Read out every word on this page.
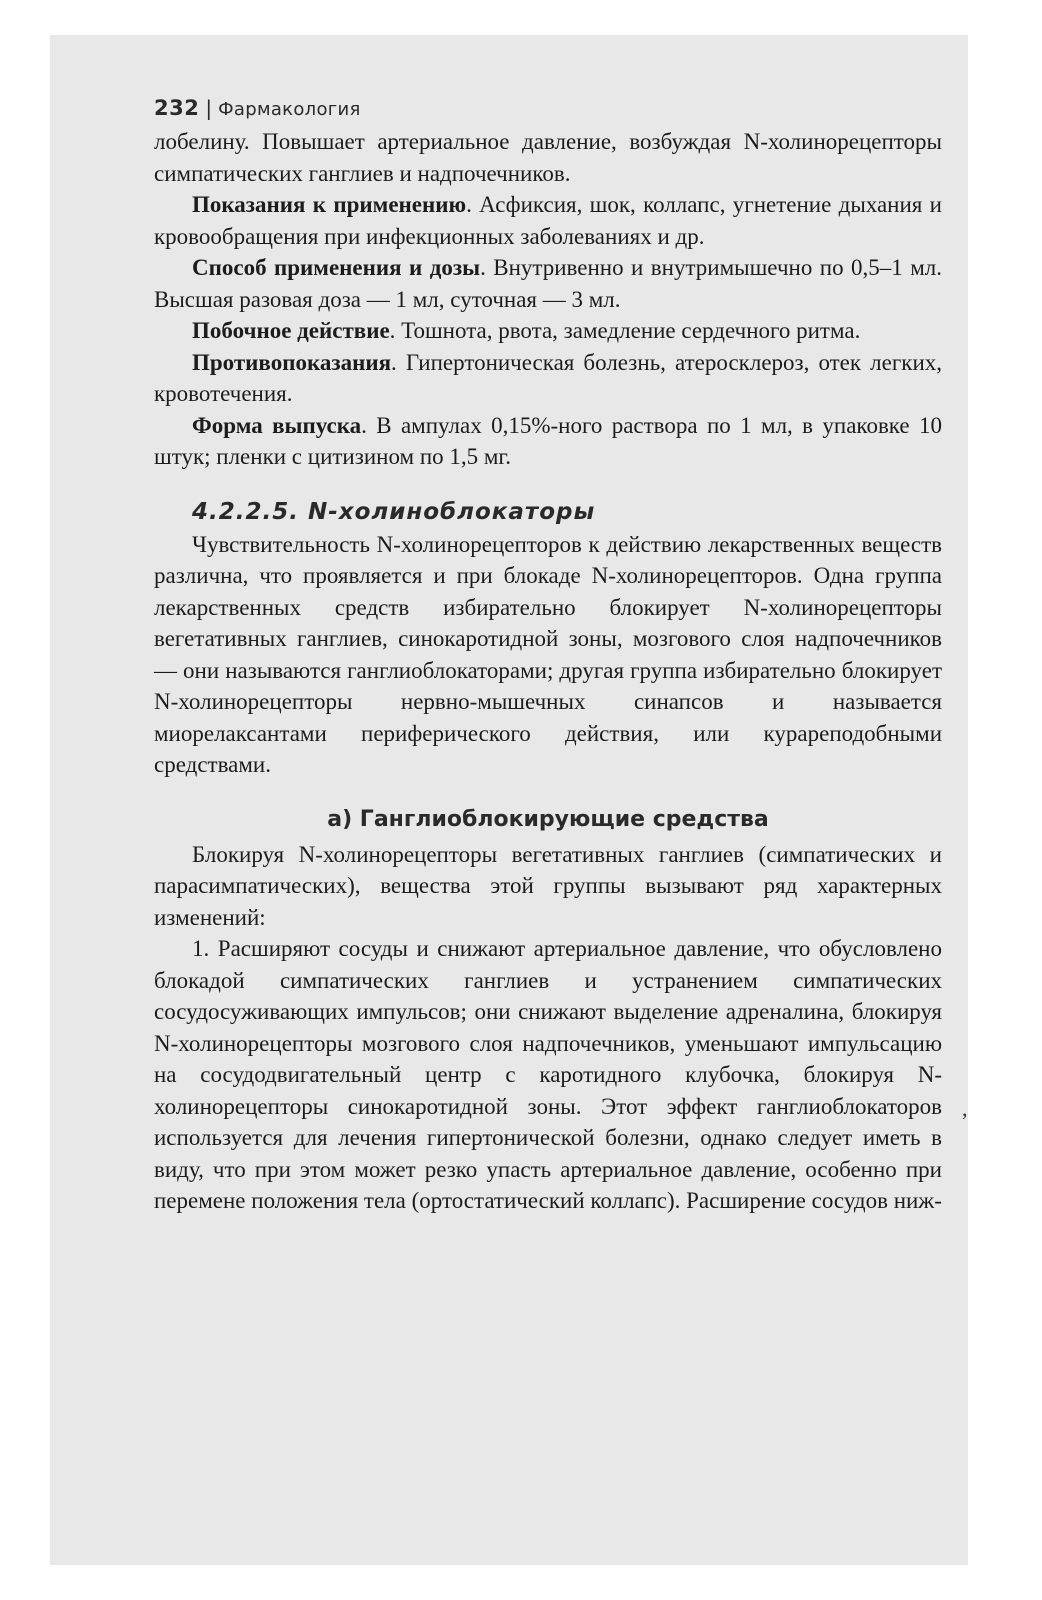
232 | Фармакология

лобелину. Повышает артериальное давление, возбуждая N-холинорецепторы симпатических ганглиев и надпочечников.

Показания к применению. Асфиксия, шок, коллапс, угнетение дыхания и кровообращения при инфекционных заболеваниях и др.

Способ применения и дозы. Внутривенно и внутримышечно по 0,5–1 мл. Высшая разовая доза — 1 мл, суточная — 3 мл.

Побочное действие. Тошнота, рвота, замедление сердечного ритма.

Противопоказания. Гипертоническая болезнь, атеросклероз, отек легких, кровотечения.

Форма выпуска. В ампулах 0,15%-ного раствора по 1 мл, в упаковке 10 штук; пленки с цитизином по 1,5 мг.

4.2.2.5. N-холиноблокаторы

Чувствительность N-холинорецепторов к действию лекарственных веществ различна, что проявляется и при блокаде N-холинорецепторов. Одна группа лекарственных средств избирательно блокирует N-холинорецепторы вегетативных ганглиев, синокаротидной зоны, мозгового слоя надпочечников — они называются ганглиоблокаторами; другая группа избирательно блокирует N-холинорецепторы нервно-мышечных синапсов и называется миорелаксантами периферического действия, или курареподобными средствами.

а) Ганглиоблокирующие средства

Блокируя N-холинорецепторы вегетативных ганглиев (симпатических и парасимпатических), вещества этой группы вызывают ряд характерных изменений:

1. Расширяют сосуды и снижают артериальное давление, что обусловлено блокадой симпатических ганглиев и устранением симпатических сосудосуживающих импульсов; они снижают выделение адреналина, блокируя N-холинорецепторы мозгового слоя надпочечников, уменьшают импульсацию на сосудодвигательный центр с каротидного клубочка, блокируя N-холинорецепторы синокаротидной зоны. Этот эффект ганглиоблокаторов используется для лечения гипертонической болезни, однако следует иметь в виду, что при этом может резко упасть артериальное давление, особенно при перемене положения тела (ортостатический коллапс). Расширение сосудов ниж-

,
